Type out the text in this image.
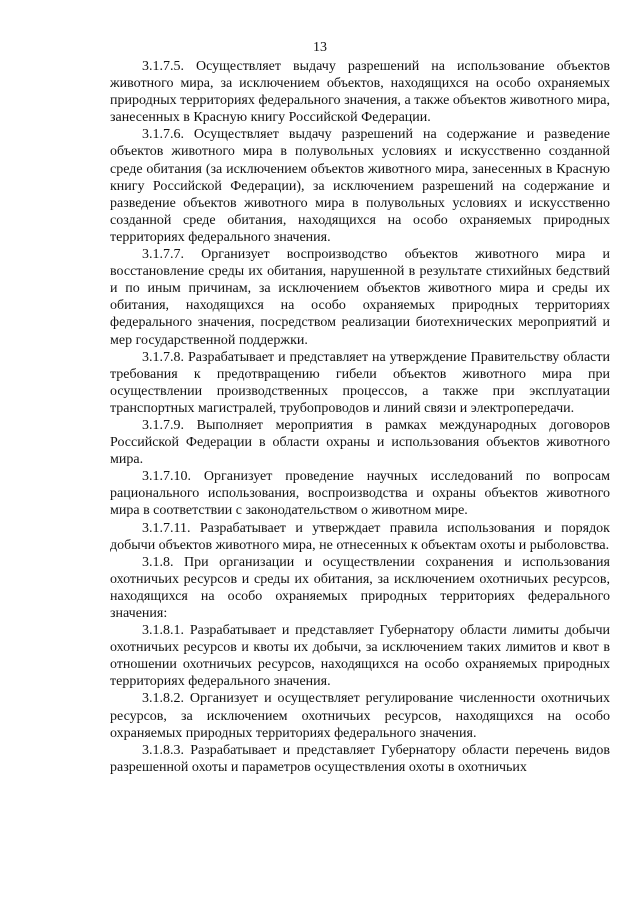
13

3.1.7.5. Осуществляет выдачу разрешений на использование объектов животного мира, за исключением объектов, находящихся на особо охраняемых природных территориях федерального значения, а также объектов животного мира, занесенных в Красную книгу Российской Федерации.

3.1.7.6. Осуществляет выдачу разрешений на содержание и разведение объектов животного мира в полувольных условиях и искусственно созданной среде обитания (за исключением объектов животного мира, занесенных в Красную книгу Российской Федерации), за исключением разрешений на содержание и разведение объектов животного мира в полувольных условиях и искусственно созданной среде обитания, находящихся на особо охраняемых природных территориях федерального значения.

3.1.7.7. Организует воспроизводство объектов животного мира и восстановление среды их обитания, нарушенной в результате стихийных бедствий и по иным причинам, за исключением объектов животного мира и среды их обитания, находящихся на особо охраняемых природных территориях федерального значения, посредством реализации биотехнических мероприятий и мер государственной поддержки.

3.1.7.8. Разрабатывает и представляет на утверждение Правительству области требования к предотвращению гибели объектов животного мира при осуществлении производственных процессов, а также при эксплуатации транспортных магистралей, трубопроводов и линий связи и электропередачи.

3.1.7.9. Выполняет мероприятия в рамках международных договоров Российской Федерации в области охраны и использования объектов животного мира.

3.1.7.10. Организует проведение научных исследований по вопросам рационального использования, воспроизводства и охраны объектов животного мира в соответствии с законодательством о животном мире.

3.1.7.11. Разрабатывает и утверждает правила использования и порядок добычи объектов животного мира, не отнесенных к объектам охоты и рыболовства.

3.1.8. При организации и осуществлении сохранения и использования охотничьих ресурсов и среды их обитания, за исключением охотничьих ресурсов, находящихся на особо охраняемых природных территориях федерального значения:

3.1.8.1. Разрабатывает и представляет Губернатору области лимиты добычи охотничьих ресурсов и квоты их добычи, за исключением таких лимитов и квот в отношении охотничьих ресурсов, находящихся на особо охраняемых природных территориях федерального значения.

3.1.8.2. Организует и осуществляет регулирование численности охотничьих ресурсов, за исключением охотничьих ресурсов, находящихся на особо охраняемых природных территориях федерального значения.

3.1.8.3. Разрабатывает и представляет Губернатору области перечень видов разрешенной охоты и параметров осуществления охоты в охотничьих
